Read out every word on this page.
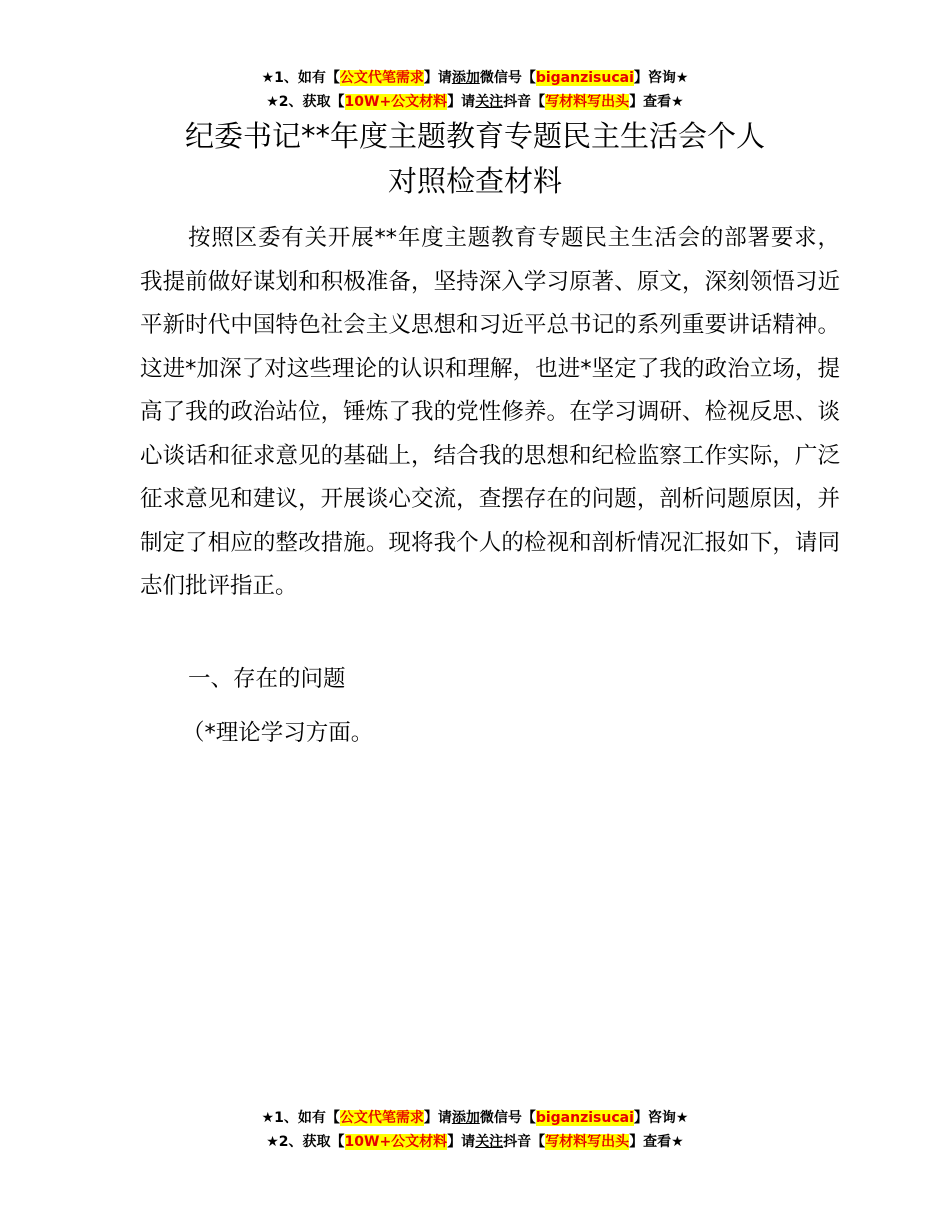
★1、如有【公文代笔需求】请添加微信号【biganzisucai】咨询★
★2、获取【10W+公文材料】请关注抖音【写材料写出头】查看★
纪委书记**年度主题教育专题民主生活会个人
对照检查材料

按照区委有关开展**年度主题教育专题民主生活会的部署要求，我提前做好谋划和积极准备，坚持深入学习原著、原文，深刻领悟习近平新时代中国特色社会主义思想和习近平总书记的系列重要讲话精神。这进*加深了对这些理论的认识和理解，也进*坚定了我的政治立场，提高了我的政治站位，锤炼了我的党性修养。在学习调研、检视反思、谈心谈话和征求意见的基础上，结合我的思想和纪检监察工作实际，广泛征求意见和建议，开展谈心交流，查摆存在的问题，剖析问题原因，并制定了相应的整改措施。现将我个人的检视和剖析情况汇报如下，请同志们批评指正。

一、存在的问题
（*理论学习方面。
★1、如有【公文代笔需求】请添加微信号【biganzisucai】咨询★
★2、获取【10W+公文材料】请关注抖音【写材料写出头】查看★
